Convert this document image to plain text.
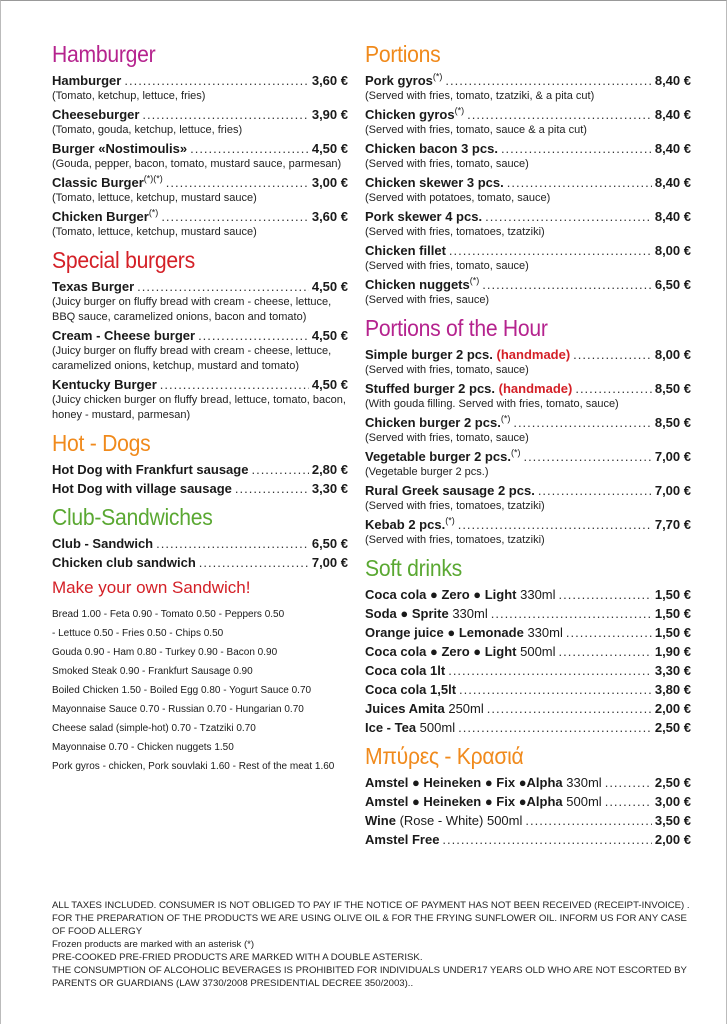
Hamburger
Hamburger .....	3,60 €
(Tomato, ketchup, lettuce, fries)
Cheeseburger .....	3,90 €
(Tomato, gouda, ketchup, lettuce, fries)
Burger «Nostimoulis» .....	4,50 €
(Gouda, pepper, bacon, tomato, mustard sauce, parmesan)
Classic Burger(*)(*) .....	3,00 €
(Tomato, lettuce, ketchup, mustard sauce)
Chicken Burger(*) .....	3,60 €
(Tomato, lettuce, ketchup, mustard sauce)
Special burgers
Texas Burger .....	4,50 €
(Juicy burger on fluffy bread with cream - cheese, lettuce, BBQ sauce, caramelized onions, bacon and tomato)
Cream - Cheese burger .....	4,50 €
(Juicy burger on fluffy bread with cream - cheese, lettuce, caramelized onions, ketchup, mustard and tomato)
Kentucky Burger .....	4,50 €
(Juicy chicken burger on fluffy bread, lettuce, tomato, bacon, honey - mustard, parmesan)
Hot - Dogs
Hot Dog with Frankfurt sausage .....	2,80 €
Hot Dog with village sausage .....	3,30 €
Club-Sandwiches
Club - Sandwich .....	6,50 €
Chicken club sandwich .....	7,00 €
Make your own Sandwich!
Bread 1.00 - Feta 0.90 - Tomato 0.50 - Peppers 0.50
- Lettuce 0.50 - Fries 0.50 - Chips 0.50
Gouda 0.90 - Ham 0.80 - Turkey 0.90 - Bacon 0.90
Smoked Steak 0.90 - Frankfurt Sausage 0.90
Boiled Chicken 1.50 - Boiled Egg 0.80 - Yogurt Sauce 0.70
Mayonnaise Sauce 0.70 - Russian 0.70 - Hungarian 0.70
Cheese salad (simple-hot) 0.70 - Tzatziki 0.70
Mayonnaise 0.70 - Chicken nuggets 1.50
Pork gyros - chicken, Pork souvlaki 1.60 - Rest of the meat 1.60
Portions
Pork gyros(*) .....	8,40 €
(Served with fries, tomato, tzatziki, & a pita cut)
Chicken gyros(*) .....	8,40 €
(Served with fries, tomato, sauce & a pita cut)
Chicken bacon 3 pcs. .....	8,40 €
(Served with fries, tomato, sauce)
Chicken skewer 3 pcs. .....	8,40 €
(Served with potatoes, tomato, sauce)
Pork skewer 4 pcs. .....	8,40 €
(Served with fries, tomatoes, tzatziki)
Chicken fillet .....	8,00 €
(Served with fries, tomato, sauce)
Chicken nuggets(*) .....	6,50 €
(Served with fries, sauce)
Portions of the Hour
Simple burger 2 pcs. (handmade) .....	8,00 €
(Served with fries, tomato, sauce)
Stuffed burger 2 pcs. (handmade) .....	8,50 €
(With gouda filling. Served with fries, tomato, sauce)
Chicken burger 2 pcs.(*) .....	8,50 €
(Served with fries, tomato, sauce)
Vegetable burger 2 pcs.(*) .....	7,00 €
(Vegetable burger 2 pcs.)
Rural Greek sausage 2 pcs. .....	7,00 €
(Served with fries, tomatoes, tzatziki)
Kebab 2 pcs.(*) .....	7,70 €
(Served with fries, tomatoes, tzatziki)
Soft drinks
Coca cola ● Zero ● Light 330ml .....	1,50 €
Soda ● Sprite 330ml .....	1,50 €
Orange juice ● Lemonade 330ml .....	1,50 €
Coca cola ● Zero ● Light 500ml .....	1,90 €
Coca cola 1lt .....	3,30 €
Coca cola 1,5lt .....	3,80 €
Juices Amita 250ml .....	2,00 €
Ice - Tea 500ml .....	2,50 €
Μπύρες - Κρασιά
Amstel ● Heineken ● Fix ●Alpha 330ml .....	2,50 €
Amstel ● Heineken ● Fix ●Alpha 500ml .....	3,00 €
Wine (Rose - White) 500ml .....	3,50 €
Amstel Free .....	2,00 €

ALL TAXES INCLUDED. CONSUMER IS NOT OBLIGED TO PAY IF THE NOTICE OF PAYMENT HAS NOT BEEN RECEIVED (RECEIPT-INVOICE) .

FOR THE PREPARATION OF THE PRODUCTS WE ARE USING OLIVE OIL & FOR THE FRYING SUNFLOWER OIL. INFORM US FOR ANY CASE OF FOOD ALLERGY

Frozen products are marked with an asterisk (*)

PRE-COOKED PRE-FRIED PRODUCTS ARE MARKED WITH A DOUBLE ASTERISK.

THE CONSUMPTION OF ALCOHOLIC BEVERAGES IS PROHIBITED FOR INDIVIDUALS UNDER17 YEARS OLD WHO ARE NOT ESCORTED BY PARENTS OR GUARDIANS (LAW 3730/2008 PRESIDENTIAL DECREE 350/2003)..
